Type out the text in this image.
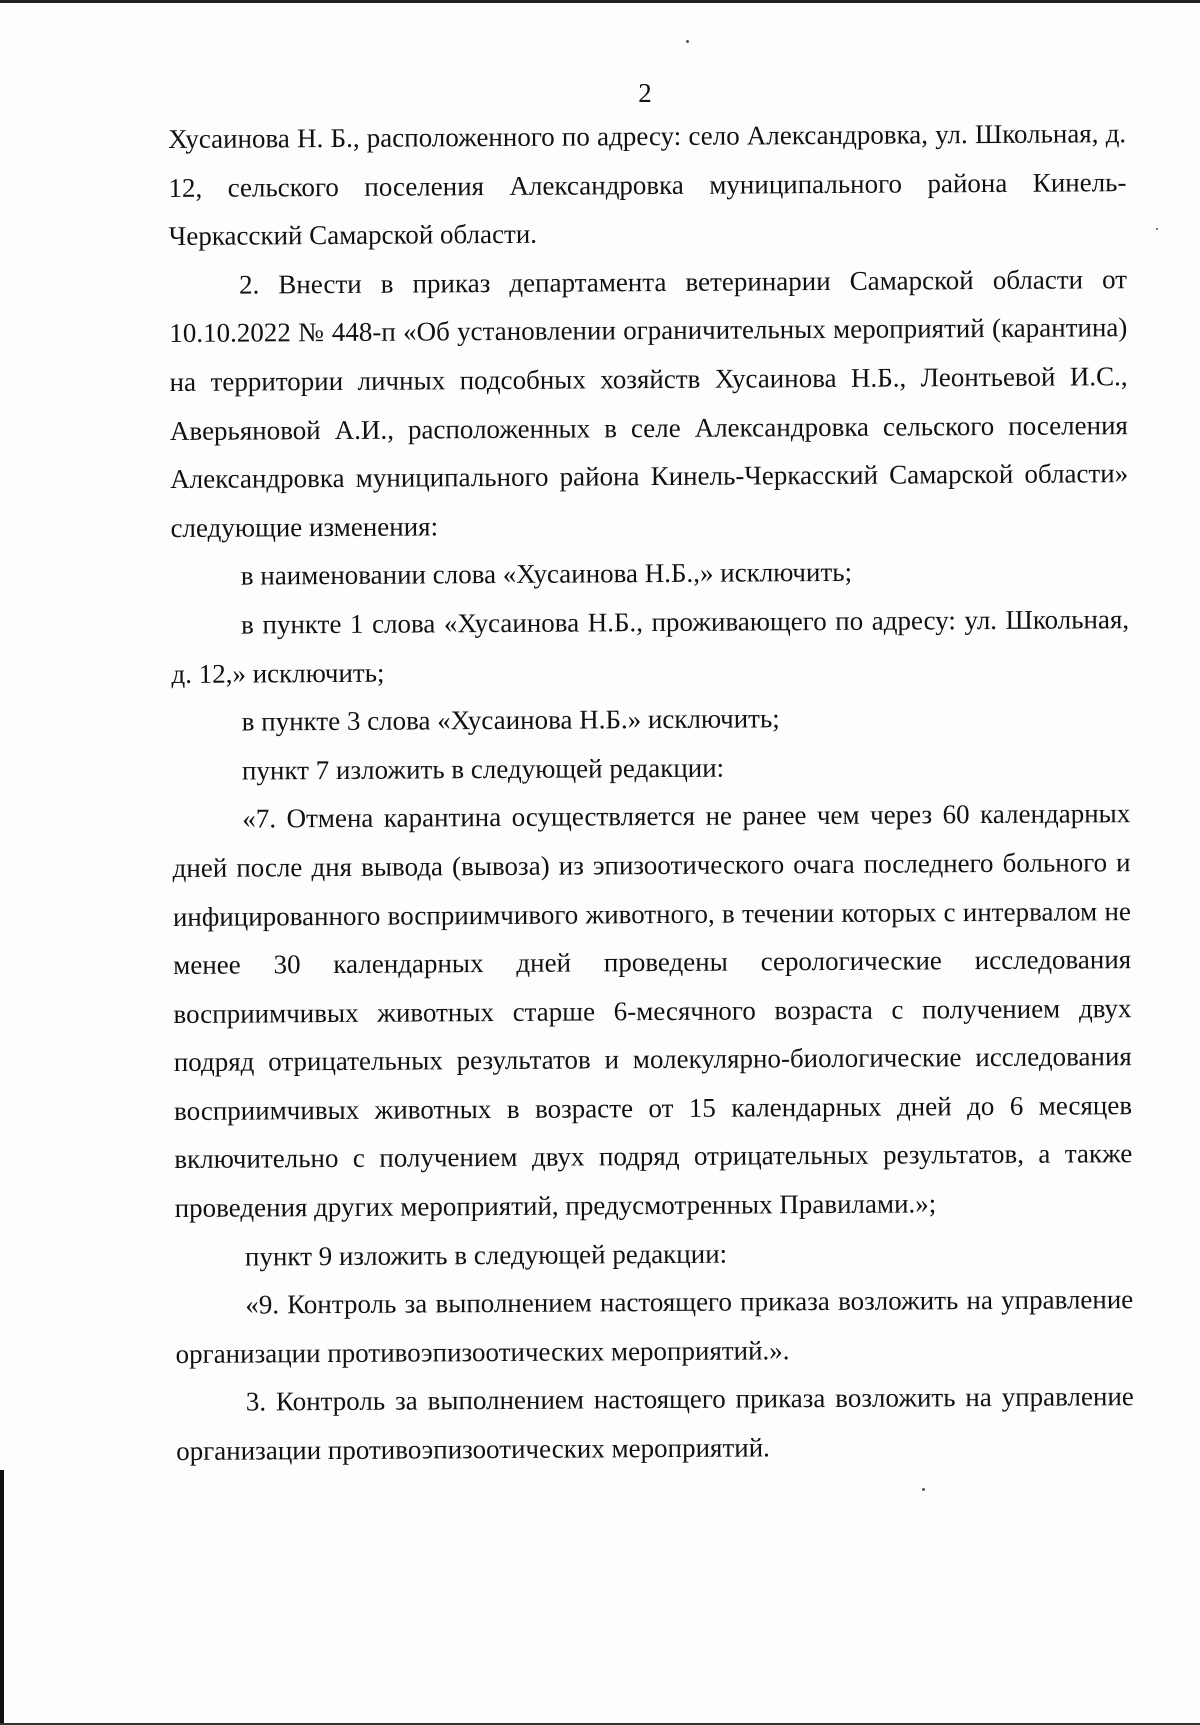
2

Хусаинова Н. Б., расположенного по адресу: село Александровка, ул. Школьная, д. 12, сельского поселения Александровка муниципального района Кинель-Черкасский Самарской области.

2. Внести в приказ департамента ветеринарии Самарской области от 10.10.2022 № 448-п «Об установлении ограничительных мероприятий (карантина) на территории личных подсобных хозяйств Хусаинова Н.Б., Леонтьевой И.С., Аверьяновой А.И., расположенных в селе Александровка сельского поселения Александровка муниципального района Кинель-Черкасский Самарской области» следующие изменения:

в наименовании слова «Хусаинова Н.Б.,» исключить;

в пункте 1 слова «Хусаинова Н.Б., проживающего по адресу: ул. Школьная, д. 12,» исключить;

в пункте 3 слова «Хусаинова Н.Б.» исключить;

пункт 7 изложить в следующей редакции:

«7. Отмена карантина осуществляется не ранее чем через 60 календарных дней после дня вывода (вывоза) из эпизоотического очага последнего больного и инфицированного восприимчивого животного, в течении которых с интервалом не менее 30 календарных дней проведены серологические исследования восприимчивых животных старше 6-месячного возраста с получением двух подряд отрицательных результатов и молекулярно-биологические исследования восприимчивых животных в возрасте от 15 календарных дней до 6 месяцев включительно с получением двух подряд отрицательных результатов, а также проведения других мероприятий, предусмотренных Правилами.»;

пункт 9 изложить в следующей редакции:

«9. Контроль за выполнением настоящего приказа возложить на управление организации противоэпизоотических мероприятий.».

3. Контроль за выполнением настоящего приказа возложить на управление организации противоэпизоотических мероприятий.
